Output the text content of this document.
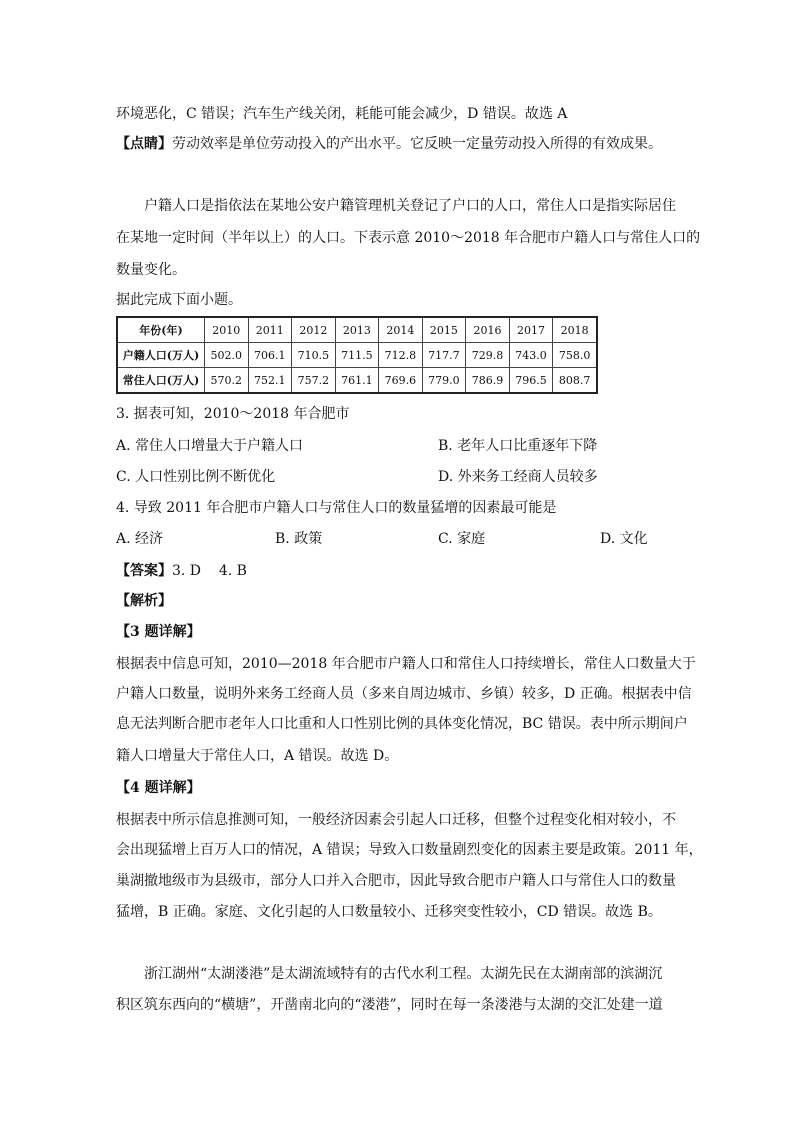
环境恶化，C 错误；汽车生产线关闭，耗能可能会减少，D 错误。故选 A
【点睛】劳动效率是单位劳动投入的产出水平。它反映一定量劳动投入所得的有效成果。
户籍人口是指依法在某地公安户籍管理机关登记了户口的人口，常住人口是指实际居住
在某地一定时间（半年以上）的人口。下表示意 2010～2018 年合肥市户籍人口与常住人口的
数量变化。
据此完成下面小题。
年份(年)	2010	2011	2012	2013	2014	2015	2016	2017	2018
户籍人口(万人)	502.0	706.1	710.5	711.5	712.8	717.7	729.8	743.0	758.0
常住人口(万人)	570.2	752.1	757.2	761.1	769.6	779.0	786.9	796.5	808.7
3. 据表可知，2010～2018 年合肥市
A. 常住人口增量大于户籍人口	B. 老年人口比重逐年下降
C. 人口性别比例不断优化	D. 外来务工经商人员较多
4. 导致 2011 年合肥市户籍人口与常住人口的数量猛增的因素最可能是
A. 经济	B. 政策	C. 家庭	D. 文化
【答案】3. D    4. B
【解析】
【3 题详解】
根据表中信息可知，2010—2018 年合肥市户籍人口和常住人口持续增长，常住人口数量大于
户籍人口数量，说明外来务工经商人员（多来自周边城市、乡镇）较多，D 正确。根据表中信
息无法判断合肥市老年人口比重和人口性别比例的具体变化情况，BC 错误。表中所示期间户
籍人口增量大于常住人口，A 错误。故选 D。
【4 题详解】
根据表中所示信息推测可知，一般经济因素会引起人口迁移，但整个过程变化相对较小，不
会出现猛增上百万人口的情况，A 错误；导致入口数量剧烈变化的因素主要是政策。2011 年，
巢湖撤地级市为县级市，部分人口并入合肥市，因此导致合肥市户籍人口与常住人口的数量
猛增，B 正确。家庭、文化引起的人口数量较小、迁移突变性较小，CD 错误。故选 B。
浙江湖州“太湖溇港”是太湖流域特有的古代水利工程。太湖先民在太湖南部的滨湖沉
积区筑东西向的“横塘”，开凿南北向的“溇港”，同时在每一条溇港与太湖的交汇处建一道
